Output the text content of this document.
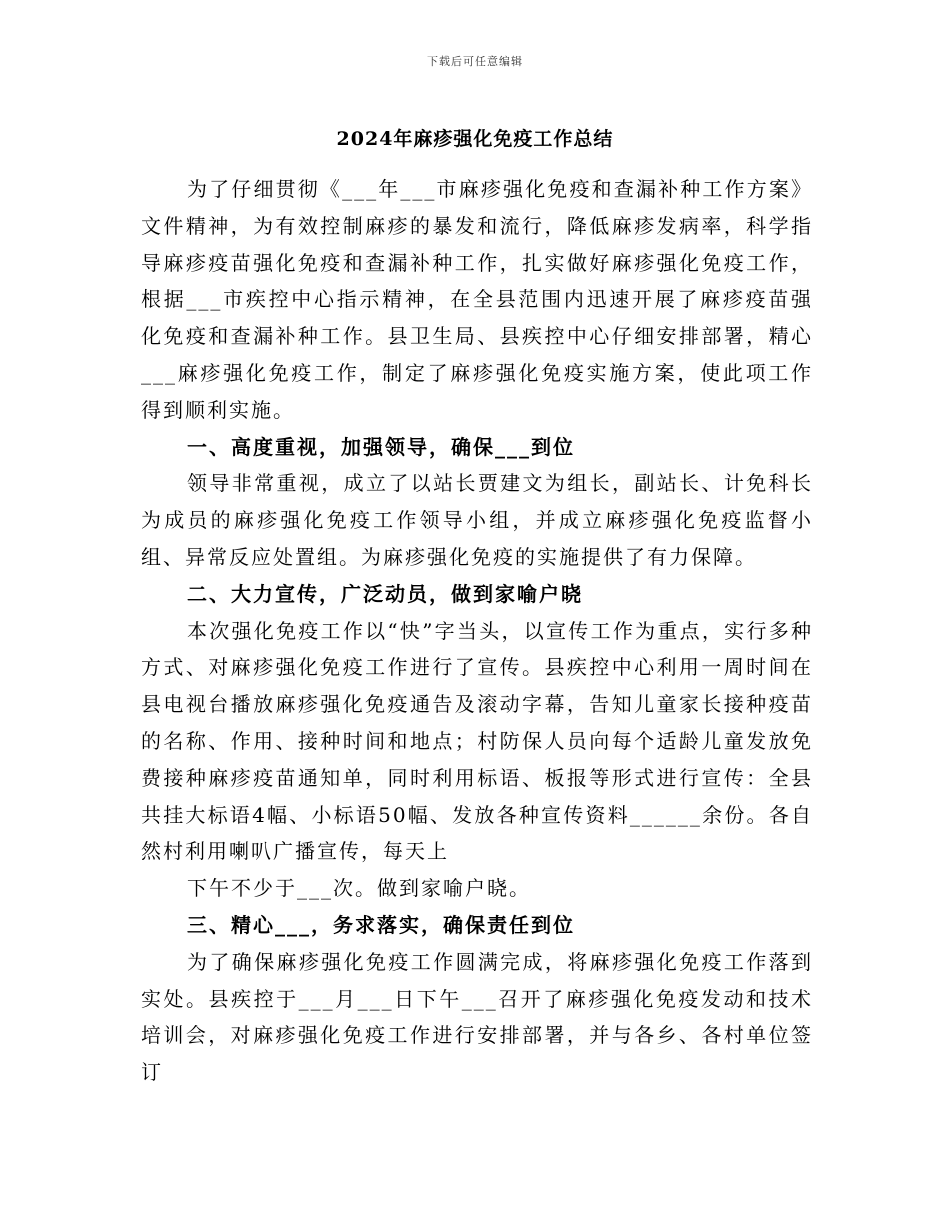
下载后可任意编辑
2024年麻疹强化免疫工作总结

为了仔细贯彻《___年___市麻疹强化免疫和查漏补种工作方案》文件精神，为有效控制麻疹的暴发和流行，降低麻疹发病率，科学指导麻疹疫苗强化免疫和查漏补种工作，扎实做好麻疹强化免疫工作，根据___市疾控中心指示精神，在全县范围内迅速开展了麻疹疫苗强化免疫和查漏补种工作。县卫生局、县疾控中心仔细安排部署，精心___麻疹强化免疫工作，制定了麻疹强化免疫实施方案，使此项工作得到顺利实施。

一、高度重视，加强领导，确保___到位

领导非常重视，成立了以站长贾建文为组长，副站长、计免科长为成员的麻疹强化免疫工作领导小组，并成立麻疹强化免疫监督小组、异常反应处置组。为麻疹强化免疫的实施提供了有力保障。

二、大力宣传，广泛动员，做到家喻户晓

本次强化免疫工作以“快”字当头，以宣传工作为重点，实行多种方式、对麻疹强化免疫工作进行了宣传。县疾控中心利用一周时间在县电视台播放麻疹强化免疫通告及滚动字幕，告知儿童家长接种疫苗的名称、作用、接种时间和地点；村防保人员向每个适龄儿童发放免费接种麻疹疫苗通知单，同时利用标语、板报等形式进行宣传：全县共挂大标语4幅、小标语50幅、发放各种宣传资料______余份。各自然村利用喇叭广播宣传，每天上

下午不少于___次。做到家喻户晓。

三、精心___，务求落实，确保责任到位

为了确保麻疹强化免疫工作圆满完成，将麻疹强化免疫工作落到实处。县疾控于___月___日下午___召开了麻疹强化免疫发动和技术培训会，对麻疹强化免疫工作进行安排部署，并与各乡、各村单位签订
